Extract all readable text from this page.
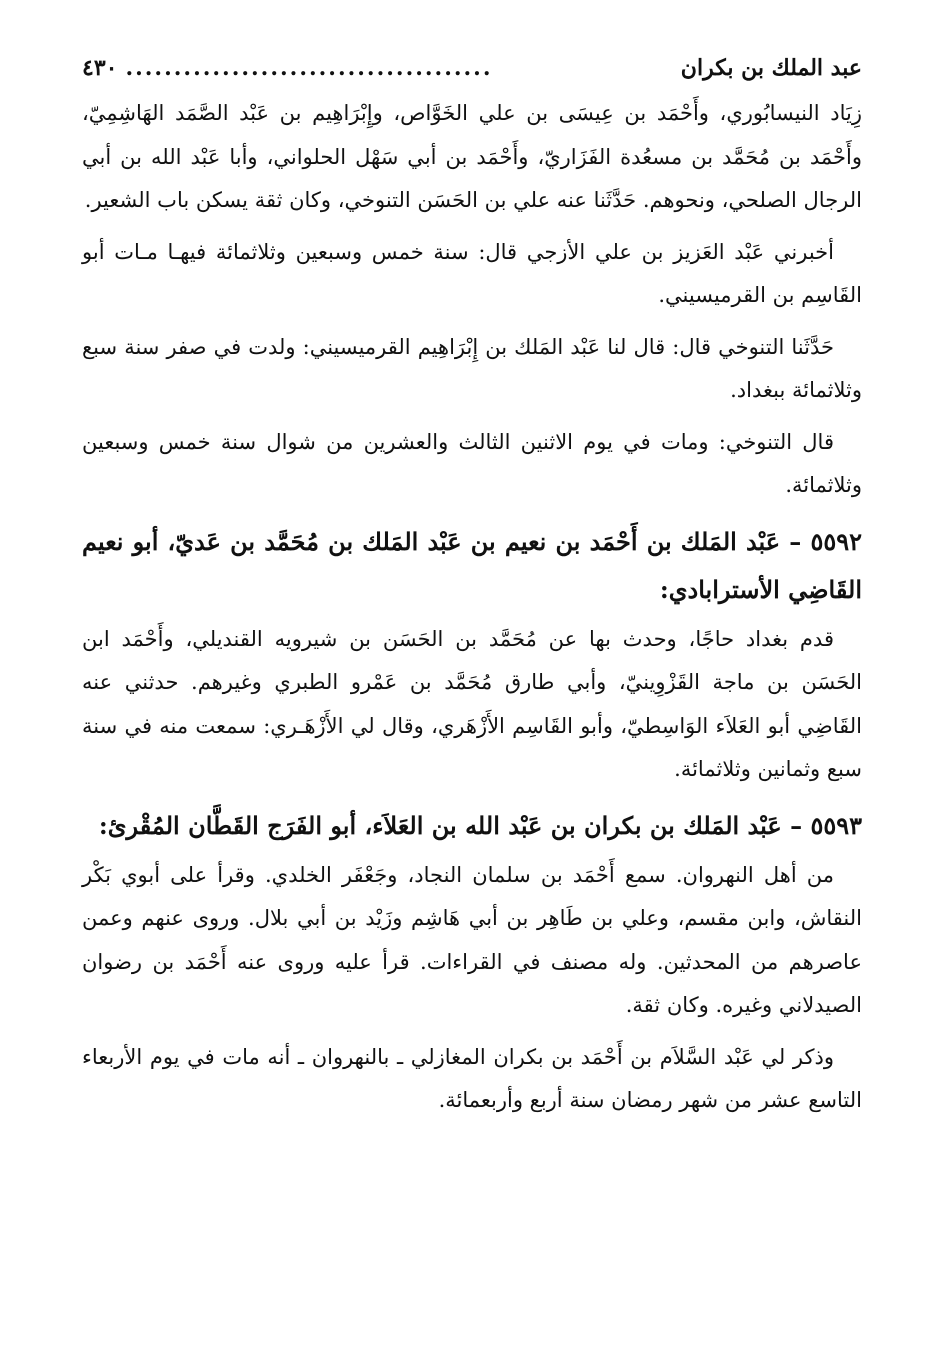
عبد الملك بن بكران
......................................
٤٣٠

زِيَاد النيسابُوري، وأَحْمَد بن عِيسَى بن علي الخَوَّاص، وإِبْرَاهِيم بن عَبْد الصَّمَد الهَاشِمِيّ، وأَحْمَد بن مُحَمَّد بن مسعُدة الفَزَاريّ، وأَحْمَد بن أبي سَهْل الحلواني، وأبا عَبْد الله بن أبي الرجال الصلحي، ونحوهم. حَدَّثَنا عنه علي بن الحَسَن التنوخي، وكان ثقة يسكن باب الشعير.

أخبرني عَبْد العَزيز بن علي الأزجي قال: سنة خمس وسبعين وثلاثمائة فيهـا مـات أبو القَاسِم بن القرميسيني.

حَدَّثَنا التنوخي قال: قال لنا عَبْد المَلك بن إِبْرَاهِيم القرميسيني: ولدت في صفر سنة سبع وثلاثمائة ببغداد.

قال التنوخي: ومات في يوم الاثنين الثالث والعشرين من شوال سنة خمس وسبعين وثلاثمائة.

٥٥٩٢ – عَبْد المَلك بن أَحْمَد بن نعيم بن عَبْد المَلك بن مُحَمَّد بن عَديّ، أبو نعيم القَاضِي الأسترابادي:

قدم بغداد حاجًا، وحدث بها عن مُحَمَّد بن الحَسَن بن شيرويه القنديلي، وأَحْمَد ابن الحَسَن بن ماجة القَزْوِينيّ، وأبي طارق مُحَمَّد بن عَمْرو الطبري وغيرهم. حدثني عنه القَاضِي أبو العَلاَء الوَاسِطيّ، وأبو القَاسِم الأَزْهَري، وقال لي الأَزْهَـري: سمعت منه في سنة سبع وثمانين وثلاثمائة.

٥٥٩٣ – عَبْد المَلك بن بكران بن عَبْد الله بن العَلاَء، أبو الفَرَج القَطَّان المُقْرئ:

من أهل النهروان. سمع أَحْمَد بن سلمان النجاد، وجَعْفَر الخلدي. وقرأ على أبوي بَكْر النقاش، وابن مقسم، وعلي بن طَاهِر بن أبي هَاشِم وزَيْد بن أبي بلال. وروى عنهم وعمن عاصرهم من المحدثين. وله مصنف في القراءات. قرأ عليه وروى عنه أَحْمَد بن رضوان الصيدلاني وغيره. وكان ثقة.

وذكر لي عَبْد السَّلاَم بن أَحْمَد بن بكران المغازلي ـ بالنهروان ـ أنه مات في يوم الأربعاء التاسع عشر من شهر رمضان سنة أربع وأربعمائة.
